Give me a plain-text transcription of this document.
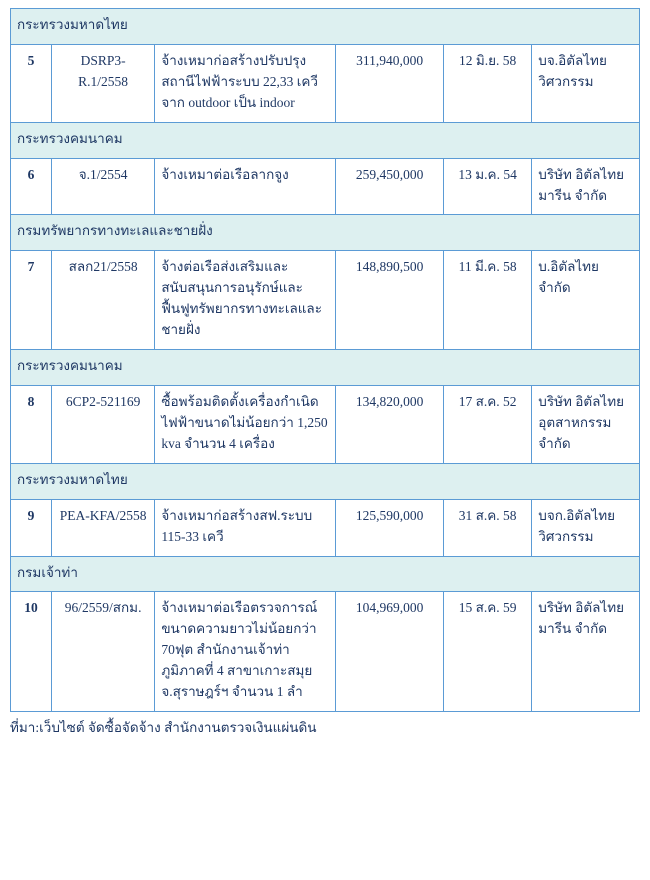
กระทรวงมหาดไทย					
5	DSRP3-R.1/2558	จ้างเหมาก่อสร้างปรับปรุงสถานีไฟฟ้าระบบ 22,33 เควีจาก outdoor เป็น indoor	311,940,000	12 มิ.ย. 58	บจ.อิตัลไทย วิศวกรรม
กระทรวงคมนาคม					
6	จ.1/2554	จ้างเหมาต่อเรือลากจูง	259,450,000	13 ม.ค. 54	บริษัท อิตัลไทย มารีน จำกัด
กรมทรัพยากรทางทะเลและชายฝั่ง					
7	สลก21/2558	จ้างต่อเรือส่งเสริมและสนับสนุนการอนุรักษ์และฟื้นฟูทรัพยากรทางทะเลและชายฝั่ง	148,890,500	11 มี.ค. 58	บ.อิตัลไทย จำกัด
กระทรวงคมนาคม					
8	6CP2-521169	ซื้อพร้อมติดตั้งเครื่องกำเนิดไฟฟ้าขนาดไม่น้อยกว่า 1,250 kva จำนวน 4 เครื่อง	134,820,000	17 ส.ค. 52	บริษัท อิตัลไทย อุตสาหกรรม จำกัด
กระทรวงมหาดไทย					
9	PEA-KFA/2558	จ้างเหมาก่อสร้างสฟ.ระบบ 115-33 เควี	125,590,000	31 ส.ค. 58	บจก.อิตัลไทย วิศวกรรม
กรมเจ้าท่า					
10	96/2559/สกม.	จ้างเหมาต่อเรือตรวจการณ์ขนาดความยาวไม่น้อยกว่า 70ฟุต สำนักงานเจ้าท่าภูมิภาคที่ 4 สาขาเกาะสมุย จ.สุราษฎร์ฯ จำนวน 1 ลำ	104,969,000	15 ส.ค. 59	บริษัท อิตัลไทย มารีน จำกัด
ที่มา:เว็บไซต์ จัดซื้อจัดจ้าง สำนักงานตรวจเงินแผ่นดิน
